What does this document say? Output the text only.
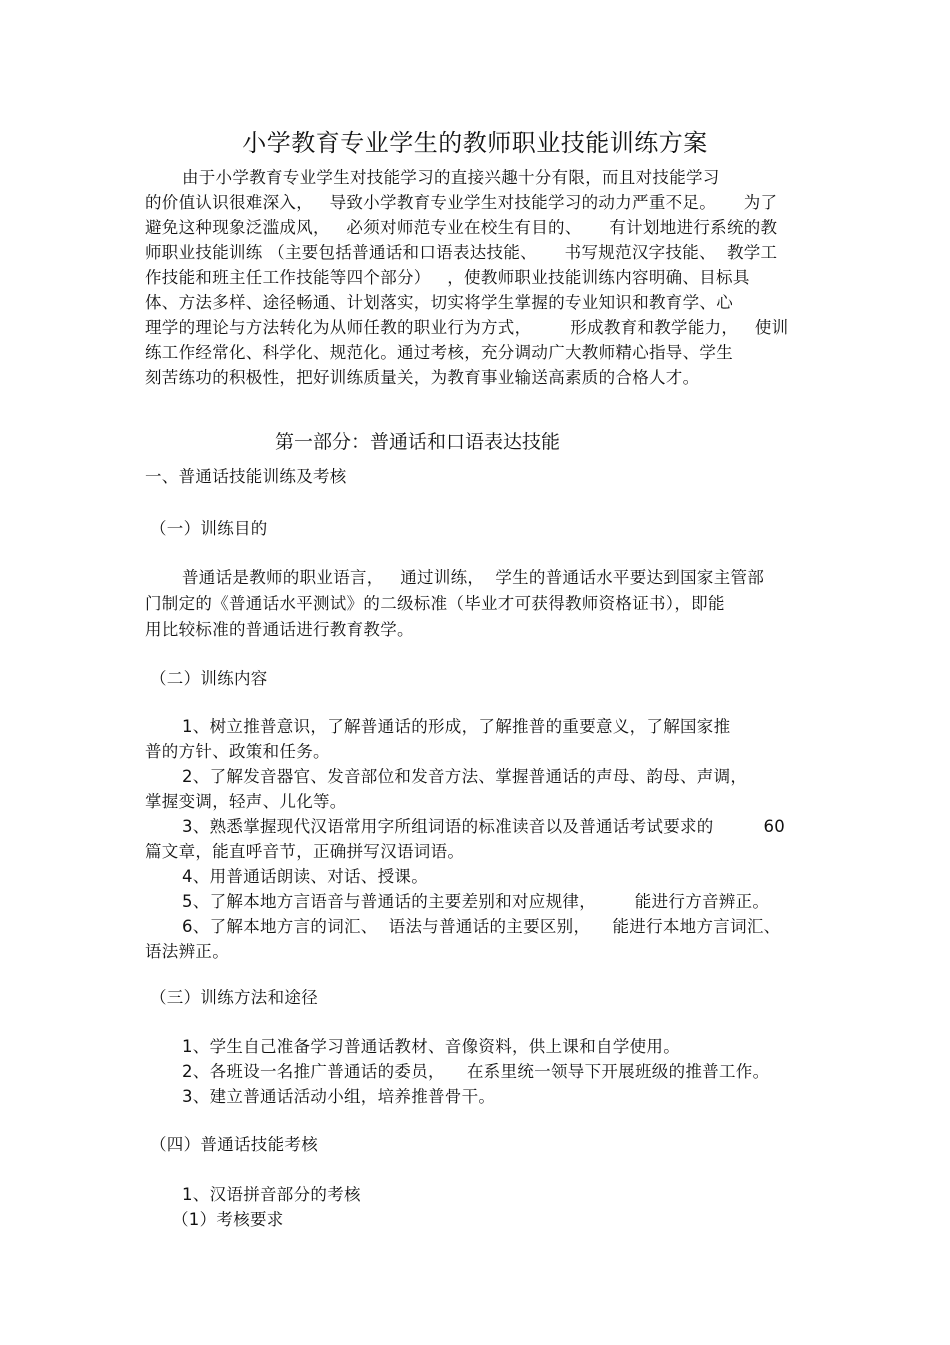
小学教育专业学生的教师职业技能训练方案
由于小学教育专业学生对技能学习的直接兴趣十分有限，而且对技能学习
的价值认识很难深入，   导致小学教育专业学生对技能学习的动力严重不足。     为了
避免这种现象泛滥成风，   必须对师范专业在校生有目的、     有计划地进行系统的教
师职业技能训练 （主要包括普通话和口语表达技能、     书写规范汉字技能、  教学工
作技能和班主任工作技能等四个部分）   ，使教师职业技能训练内容明确、目标具
体、方法多样、途径畅通、计划落实，切实将学生掌握的专业知识和教育学、心
理学的理论与方法转化为从师任教的职业行为方式，       形成教育和教学能力，   使训
练工作经常化、科学化、规范化。通过考核，充分调动广大教师精心指导、学生
刻苦练功的积极性，把好训练质量关，为教育事业输送高素质的合格人才。
第一部分：普通话和口语表达技能
一、普通话技能训练及考核
（一）训练目的
普通话是教师的职业语言，   通过训练，  学生的普通话水平要达到国家主管部
门制定的《普通话水平测试》的二级标准（毕业才可获得教师资格证书），即能
用比较标准的普通话进行教育教学。
（二）训练内容
1、树立推普意识，了解普通话的形成，了解推普的重要意义，了解国家推
普的方针、政策和任务。
2、了解发音器官、发音部位和发音方法、掌握普通话的声母、韵母、声调，
掌握变调，轻声、儿化等。
3、熟悉掌握现代汉语常用字所组词语的标准读音以及普通话考试要求的         60
篇文章，能直呼音节，正确拼写汉语词语。
4、用普通话朗读、对话、授课。
5、了解本地方言语音与普通话的主要差别和对应规律，       能进行方音辨正。
6、了解本地方言的词汇、  语法与普通话的主要区别，    能进行本地方言词汇、
语法辨正。
（三）训练方法和途径
1、学生自己准备学习普通话教材、音像资料，供上课和自学使用。
2、各班设一名推广普通话的委员，    在系里统一领导下开展班级的推普工作。
3、建立普通话活动小组，培养推普骨干。
（四）普通话技能考核
1、汉语拼音部分的考核
（1）考核要求
